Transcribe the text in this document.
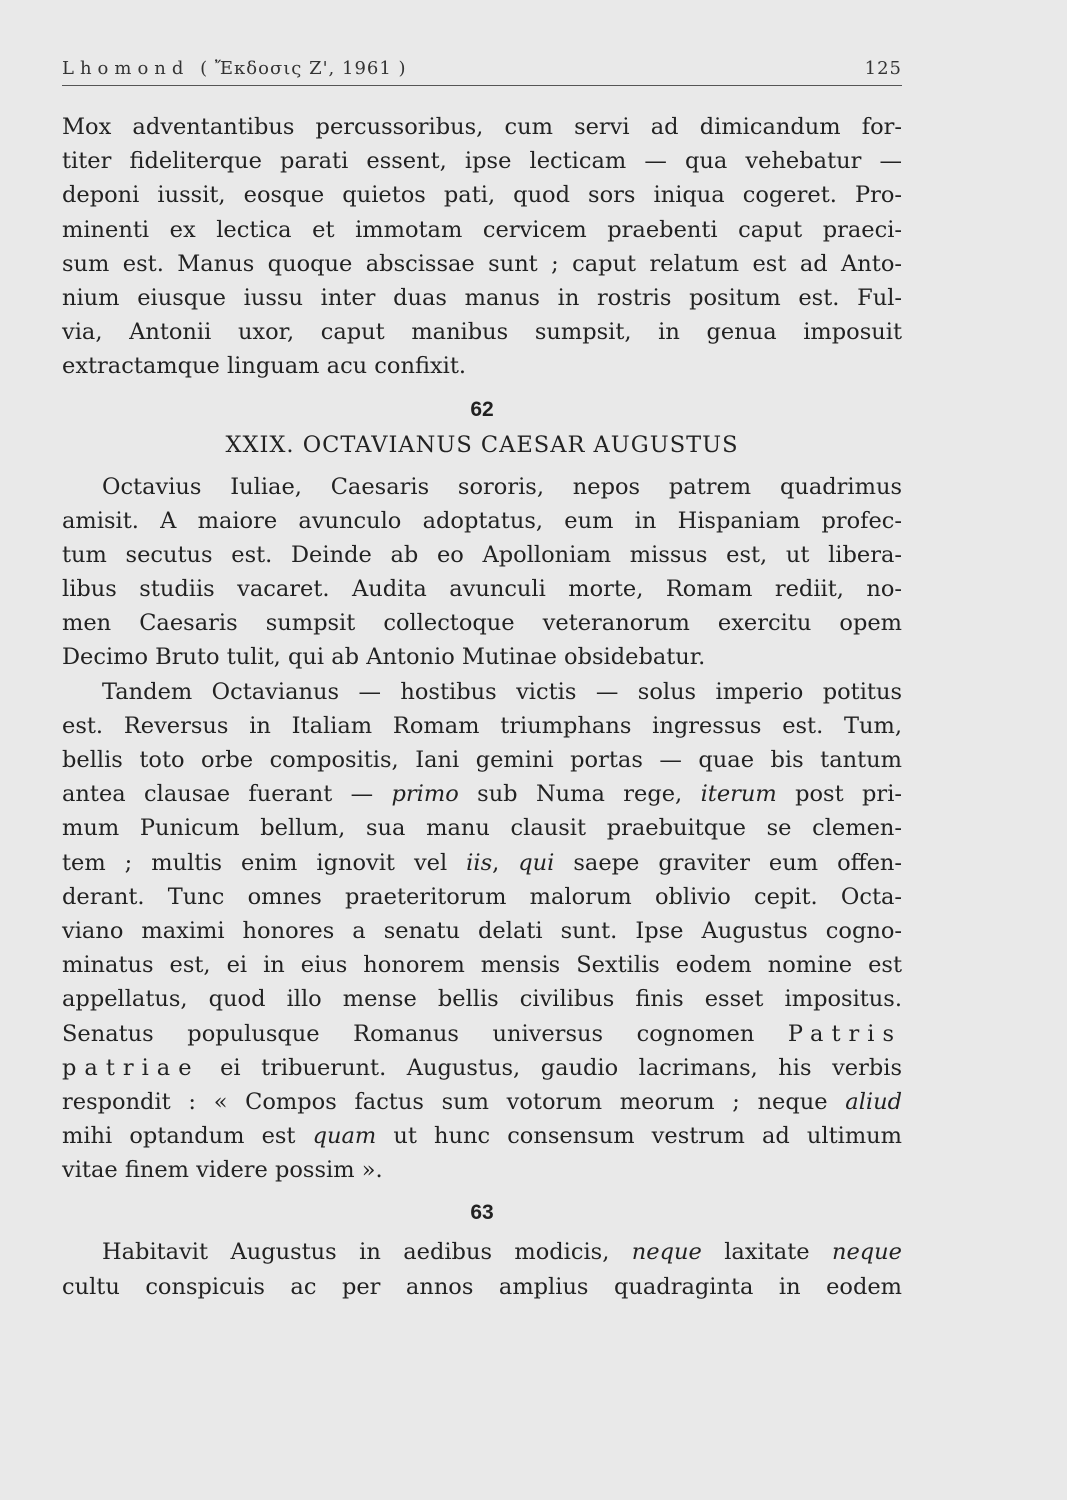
Lhomond ( Ἔκδοσις Ζ', 1961 )	125
Mox adventantibus percussoribus, cum servi ad dimicandum for-
titer fideliterque parati essent, ipse lecticam — qua vehebatur —
deponi iussit, eosque quietos pati, quod sors iniqua cogeret. Pro-
minenti ex lectica et immotam cervicem praebenti caput praeci-
sum est. Manus quoque abscissae sunt ; caput relatum est ad Anto-
nium eiusque iussu inter duas manus in rostris positum est. Ful-
via, Antonii uxor, caput manibus sumpsit, in genua imposuit
extractamque linguam acu confixit.
62
XXIX. OCTAVIANUS CAESAR AUGUSTUS
Octavius Iuliae, Caesaris sororis, nepos patrem quadrimus
amisit. A maiore avunculo adoptatus, eum in Hispaniam profec-
tum secutus est. Deinde ab eo Apolloniam missus est, ut libera-
libus studiis vacaret. Audita avunculi morte, Romam rediit, no-
men Caesaris sumpsit collectoque veteranorum exercitu opem
Decimo Bruto tulit, qui ab Antonio Mutinae obsidebatur.
Tandem Octavianus — hostibus victis — solus imperio potitus
est. Reversus in Italiam Romam triumphans ingressus est. Tum,
bellis toto orbe compositis, Iani gemini portas — quae bis tantum
antea clausae fuerant — primo sub Numa rege, iterum post pri-
mum Punicum bellum, sua manu clausit praebuitque se clemen-
tem ; multis enim ignovit vel iis, qui saepe graviter eum offen-
derant. Tunc omnes praeteritorum malorum oblivio cepit. Octa-
viano maximi honores a senatu delati sunt. Ipse Augustus cogno-
minatus est, ei in eius honorem mensis Sextilis eodem nomine est
appellatus, quod illo mense bellis civilibus finis esset impositus.
Senatus populusque Romanus universus cognomen Patris
patriae ei tribuerunt. Augustus, gaudio lacrimans, his verbis
respondit : « Compos factus sum votorum meorum ; neque aliud
mihi optandum est quam ut hunc consensum vestrum ad ultimum
vitae finem videre possim ».
63
Habitavit Augustus in aedibus modicis, neque laxitate neque
cultu conspicuis ac per annos amplius quadraginta in eodem
